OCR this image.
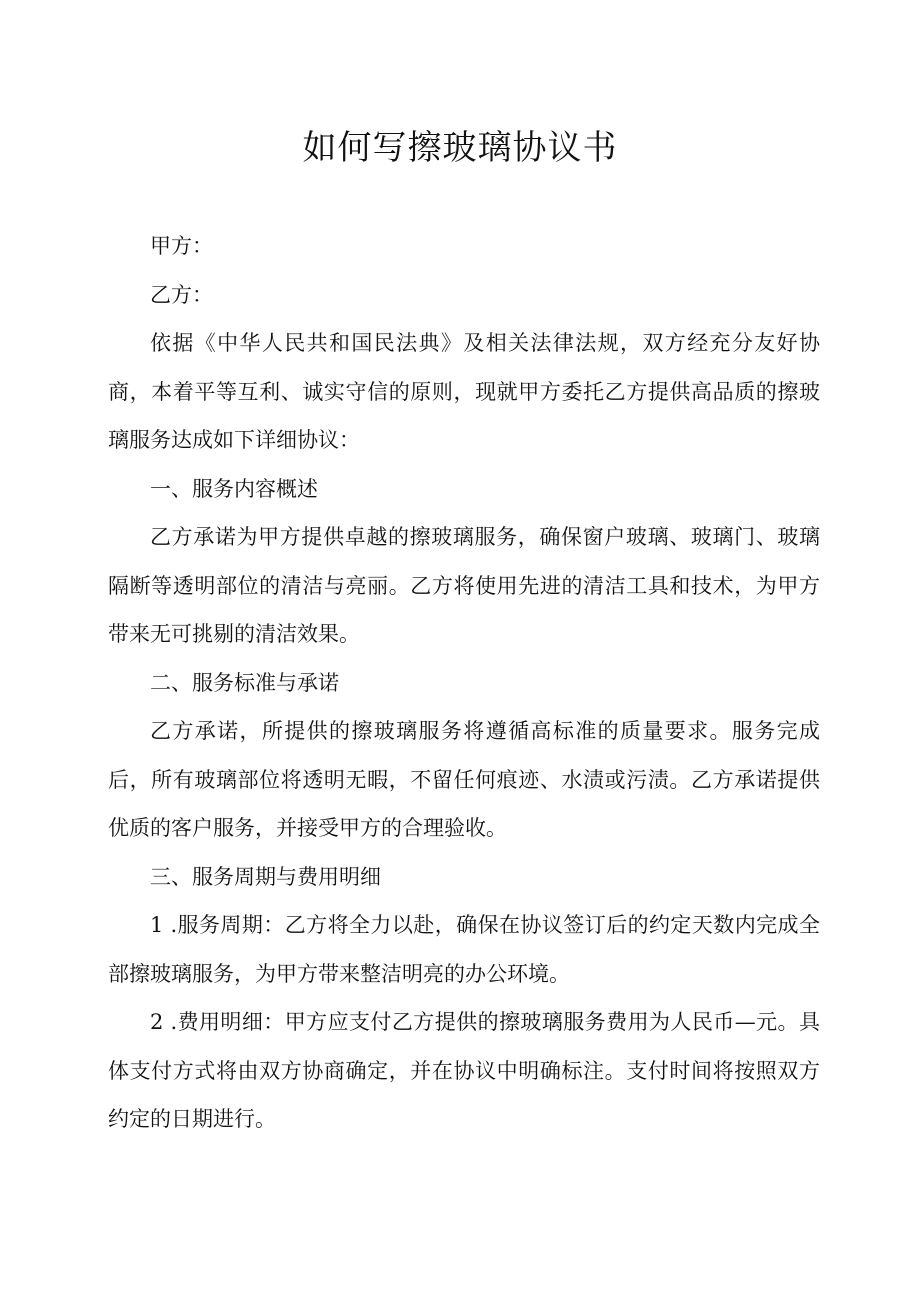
如何写擦玻璃协议书

甲方：

乙方：

依据《中华人民共和国民法典》及相关法律法规，双方经充分友好协商，本着平等互利、诚实守信的原则，现就甲方委托乙方提供高品质的擦玻璃服务达成如下详细协议：

一、服务内容概述

乙方承诺为甲方提供卓越的擦玻璃服务，确保窗户玻璃、玻璃门、玻璃隔断等透明部位的清洁与亮丽。乙方将使用先进的清洁工具和技术，为甲方带来无可挑剔的清洁效果。

二、服务标准与承诺

乙方承诺，所提供的擦玻璃服务将遵循高标准的质量要求。服务完成后，所有玻璃部位将透明无暇，不留任何痕迹、水渍或污渍。乙方承诺提供优质的客户服务，并接受甲方的合理验收。

三、服务周期与费用明细

1 .服务周期：乙方将全力以赴，确保在协议签订后的约定天数内完成全部擦玻璃服务，为甲方带来整洁明亮的办公环境。

2 .费用明细：甲方应支付乙方提供的擦玻璃服务费用为人民币—元。具体支付方式将由双方协商确定，并在协议中明确标注。支付时间将按照双方约定的日期进行。
